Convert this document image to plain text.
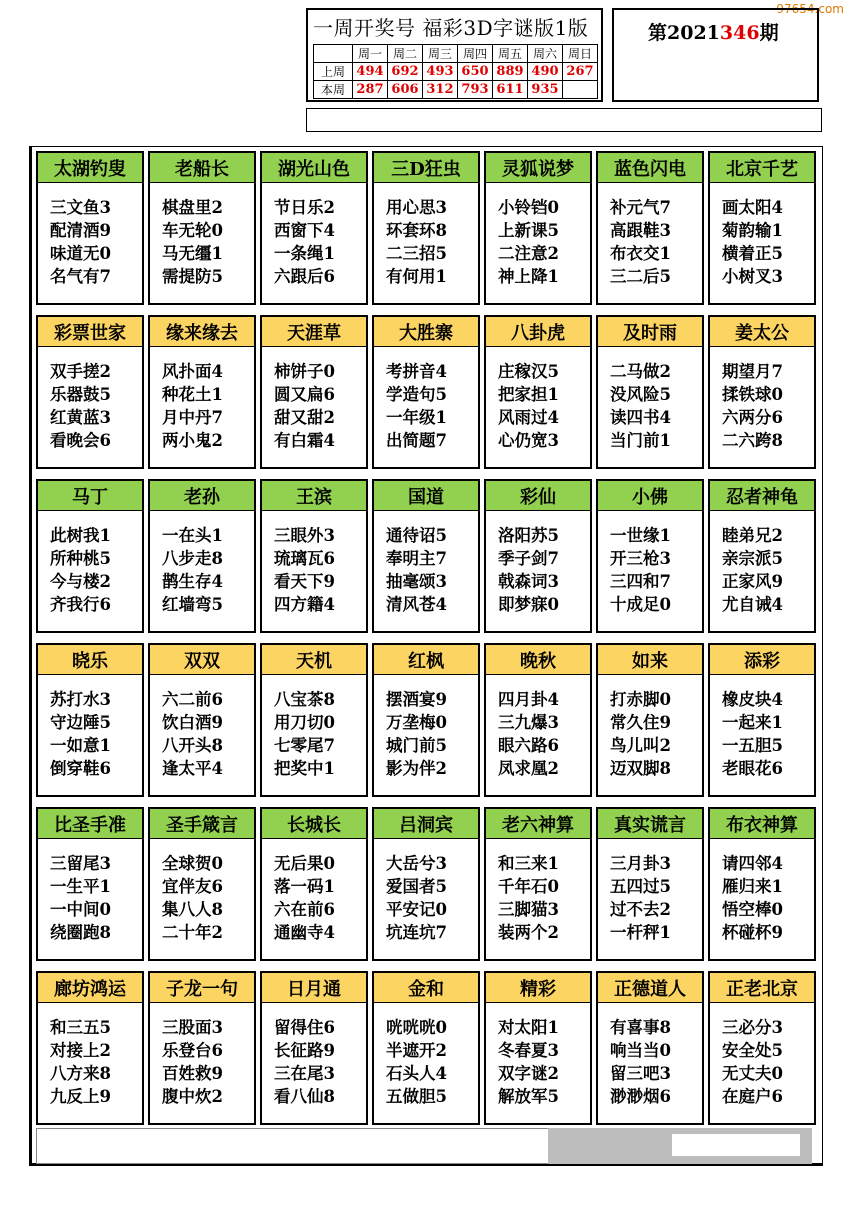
97654.com
一周开奖号 福彩3D字谜版1版
	周一	周二	周三	周四	周五	周六	周日
上周	494	692	493	650	889	490	267
本周	287	606	312	793	611	935	
第2021346期
太湖钓叟
三文鱼3
配清酒9
味道无0
名气有7
老船长
棋盘里2
车无轮0
马无缰1
需提防5
湖光山色
节日乐2
西窗下4
一条绳1
六跟后6
三D狂虫
用心思3
环套环8
二三招5
有何用1
灵狐说梦
小铃铛0
上新课5
二注意2
神上降1
蓝色闪电
补元气7
高跟鞋3
布衣交1
三二后5
北京千艺
画太阳4
菊韵输1
横着正5
小树叉3
彩票世家
双手搓2
乐器鼓5
红黄蓝3
看晚会6
缘来缘去
风扑面4
种花土1
月中丹7
两小鬼2
天涯草
柿饼子0
圆又扁6
甜又甜2
有白霜4
大胜寨
考拼音4
学造句5
一年级1
出简题7
八卦虎
庄稼汉5
把家担1
风雨过4
心仍宽3
及时雨
二马做2
没风险5
读四书4
当门前1
姜太公
期望月7
揉铁球0
六两分6
二六跨8
马丁
此树我1
所种桃5
今与楼2
齐我行6
老孙
一在头1
八步走8
鹊生存4
红墙弯5
王滨
三眼外3
琉璃瓦6
看天下9
四方籍4
国道
通待诏5
奉明主7
抽毫颂3
清风苍4
彩仙
洛阳苏5
季子剑7
戟森词3
即梦寐0
小佛
一世缘1
开三枪3
三四和7
十成足0
忍者神龟
睦弟兄2
亲宗派5
正家风9
尤自诫4
晓乐
苏打水3
守边陲5
一如意1
倒穿鞋6
双双
六二前6
饮白酒9
八开头8
逢太平4
天机
八宝茶8
用刀切0
七零尾7
把奖中1
红枫
摆酒宴9
万垄梅0
城门前5
影为伴2
晚秋
四月卦4
三九爆3
眼六路6
凤求凰2
如来
打赤脚0
常久住9
鸟儿叫2
迈双脚8
添彩
橡皮块4
一起来1
一五胆5
老眼花6
比圣手准
三留尾3
一生平1
一中间0
绕圈跑8
圣手箴言
全球贺0
宜伴友6
集八人8
二十年2
长城长
无后果0
落一码1
六在前6
通幽寺4
吕洞宾
大岳兮3
爱国者5
平安记0
坑连坑7
老六神算
和三来1
千年石0
三脚猫3
装两个2
真实谎言
三月卦3
五四过5
过不去2
一杆秤1
布衣神算
请四邻4
雁归来1
悟空棒0
杯碰杯9
廊坊鸿运
和三五5
对接上2
八方来8
九反上9
子龙一句
三股面3
乐登台6
百姓救9
腹中炊2
日月通
留得住6
长征路9
三在尾3
看八仙8
金和
咣咣咣0
半遮开2
石头人4
五做胆5
精彩
对太阳1
冬春夏3
双字谜2
解放军5
正德道人
有喜事8
响当当0
留三吧3
渺渺烟6
正老北京
三必分3
安全处5
无丈夫0
在庭户6
